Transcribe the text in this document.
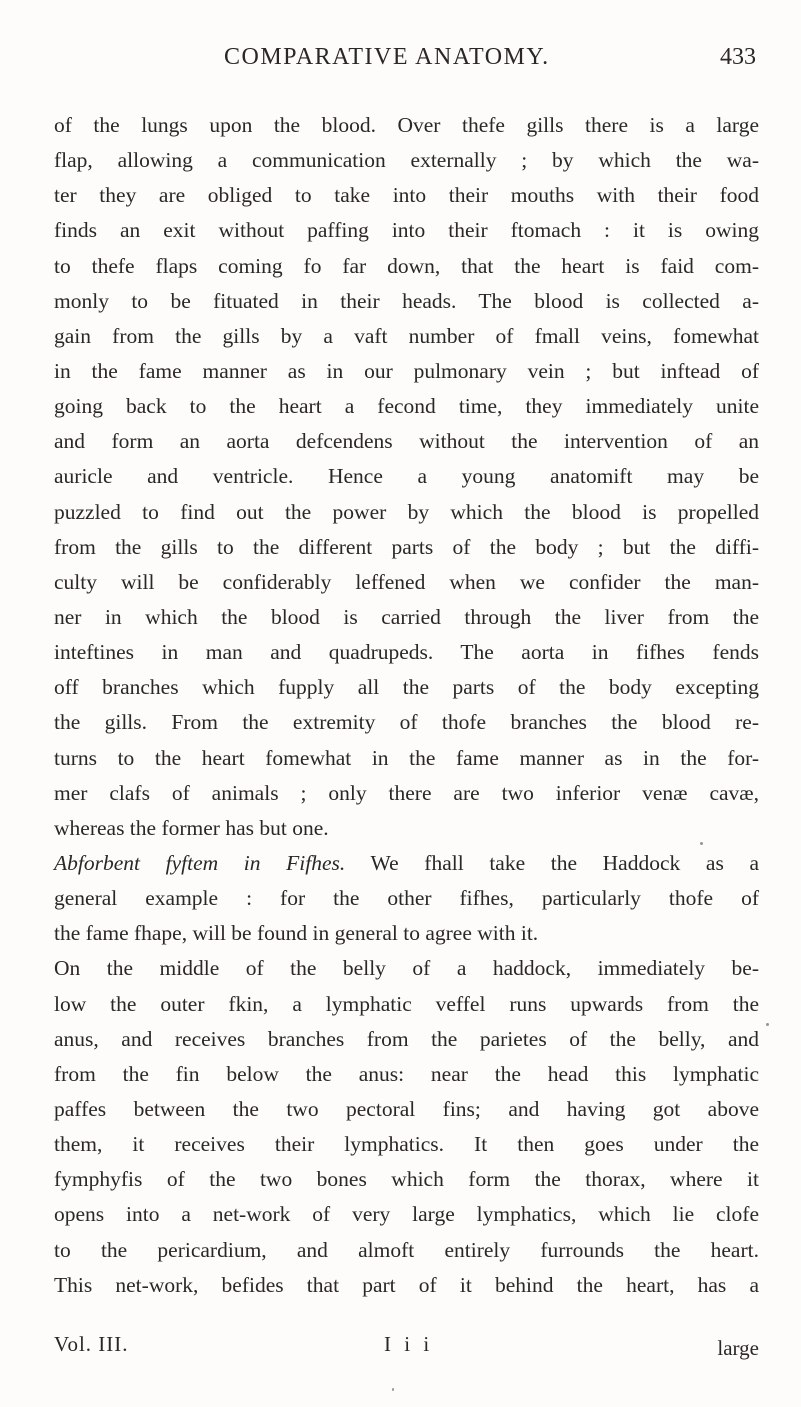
COMPARATIVE ANATOMY.	433
of the lungs upon the blood. Over thefe gills there is a large
flap, allowing a communication externally ; by which the wa-
ter they are obliged to take into their mouths with their food
finds an exit without paffing into their ftomach : it is owing
to thefe flaps coming fo far down, that the heart is faid com-
monly to be fituated in their heads. The blood is collected a-
gain from the gills by a vaft number of fmall veins, fomewhat
in the fame manner as in our pulmonary vein ; but inftead of
going back to the heart a fecond time, they immediately unite
and form an aorta defcendens without the intervention of an
auricle and ventricle. Hence a young anatomift may be
puzzled to find out the power by which the blood is propelled
from the gills to the different parts of the body ; but the diffi-
culty will be confiderably leffened when we confider the man-
ner in which the blood is carried through the liver from the
inteftines in man and quadrupeds. The aorta in fifhes fends
off branches which fupply all the parts of the body excepting
the gills. From the extremity of thofe branches the blood re-
turns to the heart fomewhat in the fame manner as in the for-
mer clafs of animals ; only there are two inferior venæ cavæ,
whereas the former has but one.
Abforbent fyftem in Fifhes. We fhall take the Haddock as a
general example : for the other fifhes, particularly thofe of
the fame fhape, will be found in general to agree with it.
On the middle of the belly of a haddock, immediately be-
low the outer fkin, a lymphatic veffel runs upwards from the
anus, and receives branches from the parietes of the belly, and
from the fin below the anus: near the head this lymphatic
paffes between the two pectoral fins; and having got above
them, it receives their lymphatics. It then goes under the
fymphyfis of the two bones which form the thorax, where it
opens into a net-work of very large lymphatics, which lie clofe
to the pericardium, and almoft entirely furrounds the heart.
This net-work, befides that part of it behind the heart, has a
Vol. III.	I i i	large
